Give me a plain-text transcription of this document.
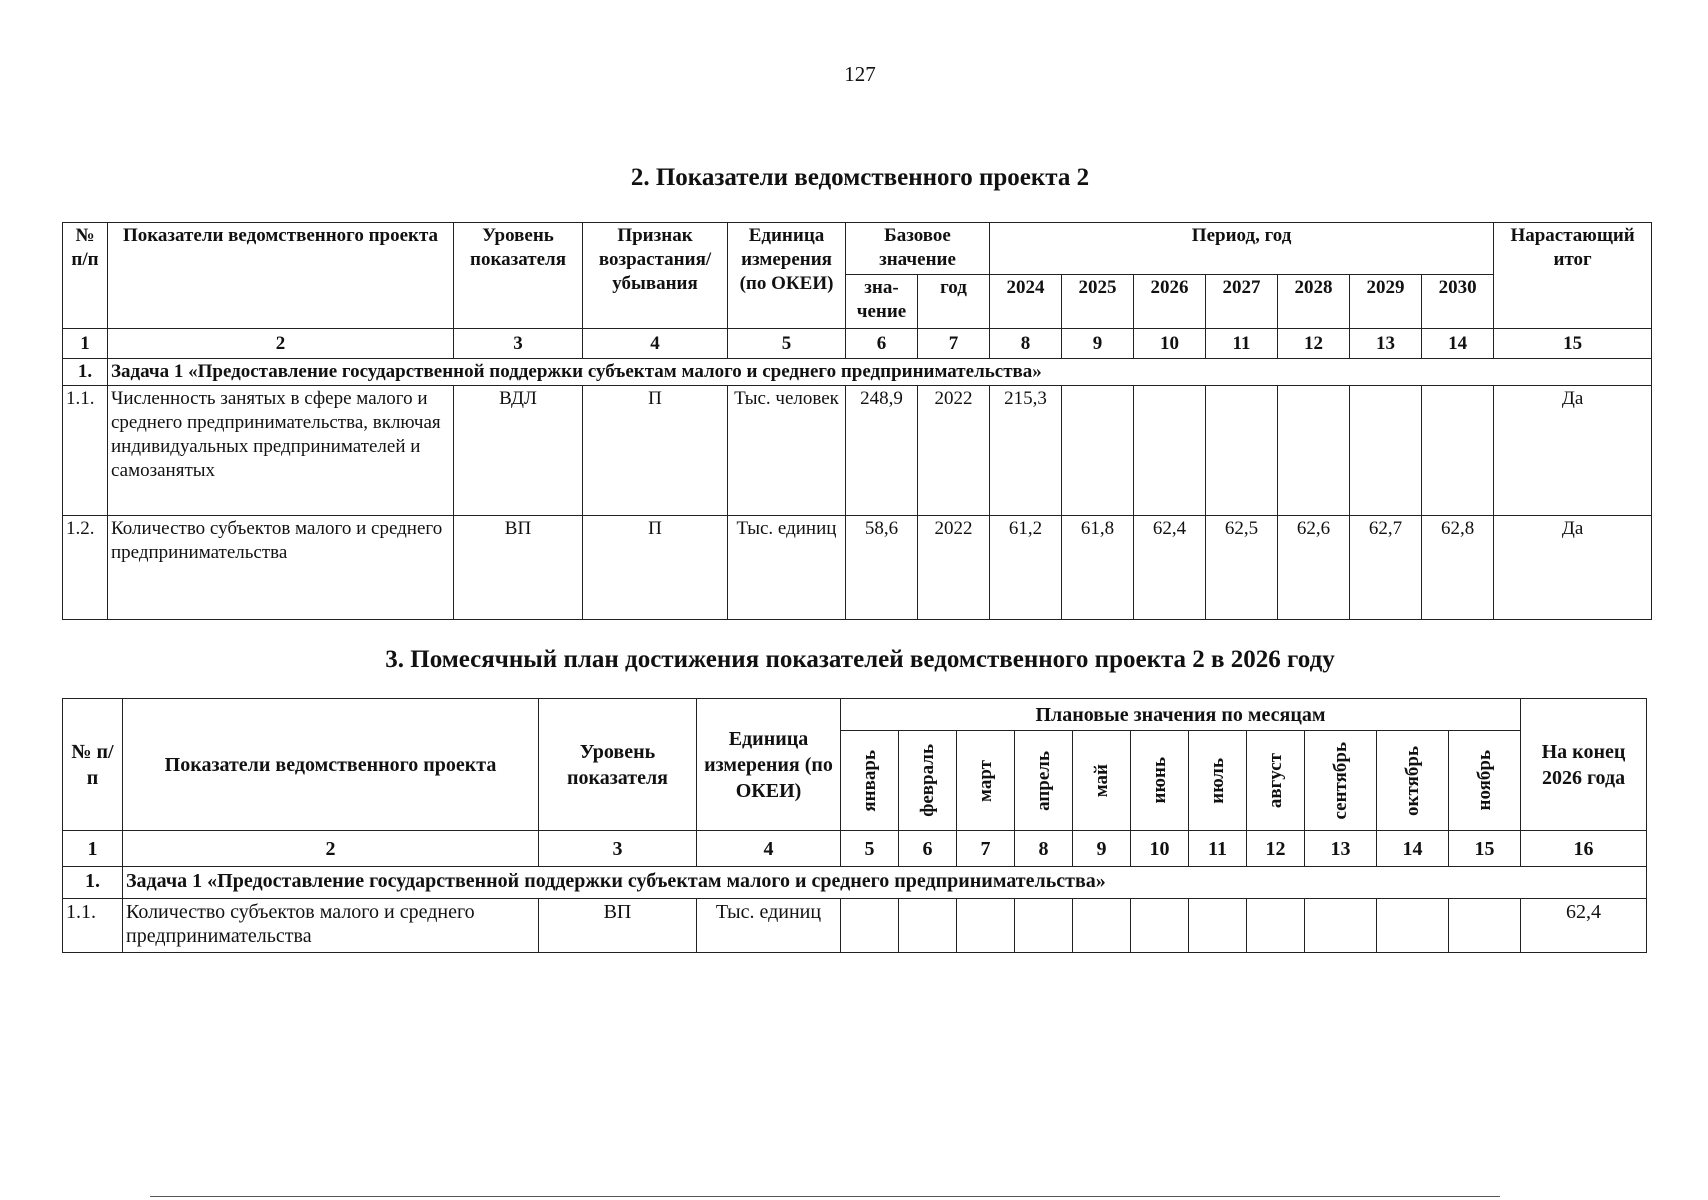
127
2. Показатели ведомственного проекта 2
№ п/п	Показатели ведомственного проекта	Уровень показателя	Признак возрастания/ убывания	Единица измерения (по ОКЕИ)	Базовое значение		Период, год							Нарастающий итог
					зна- чение	год	2024	2025	2026	2027	2028	2029	2030	
1	2	3	4	5	6	7	8	9	10	11	12	13	14	15
1.	Задача 1 «Предоставление государственной поддержки субъектам малого и среднего предпринимательства»													
1.1.	Численность занятых в сфере малого и среднего предпринимательства, включая индивидуальных предпринимателей и самозанятых	ВДЛ	П	Тыс. человек	248,9	2022	215,3							Да
1.2.	Количество субъектов малого и среднего предпринимательства	ВП	П	Тыс. единиц	58,6	2022	61,2	61,8	62,4	62,5	62,6	62,7	62,8	Да
3. Помесячный план достижения показателей ведомственного проекта 2 в 2026 году
№ п/п	Показатели ведомственного проекта	Уровень показателя	Единица измерения (по ОКЕИ)	Плановые значения по месяцам											На конец 2026 года

				январь	февраль	март	апрель	май	июнь	июль	август	сентябрь	октябрь	ноябрь	

1	2	3	4	5	6	7	8	9	10	11	12	13	14	15	16
1.	Задача 1 «Предоставление государственной поддержки субъектам малого и среднего предпринимательства»														
1.1.	Количество субъектов малого и среднего предпринимательства	ВП	Тыс. единиц												62,4
